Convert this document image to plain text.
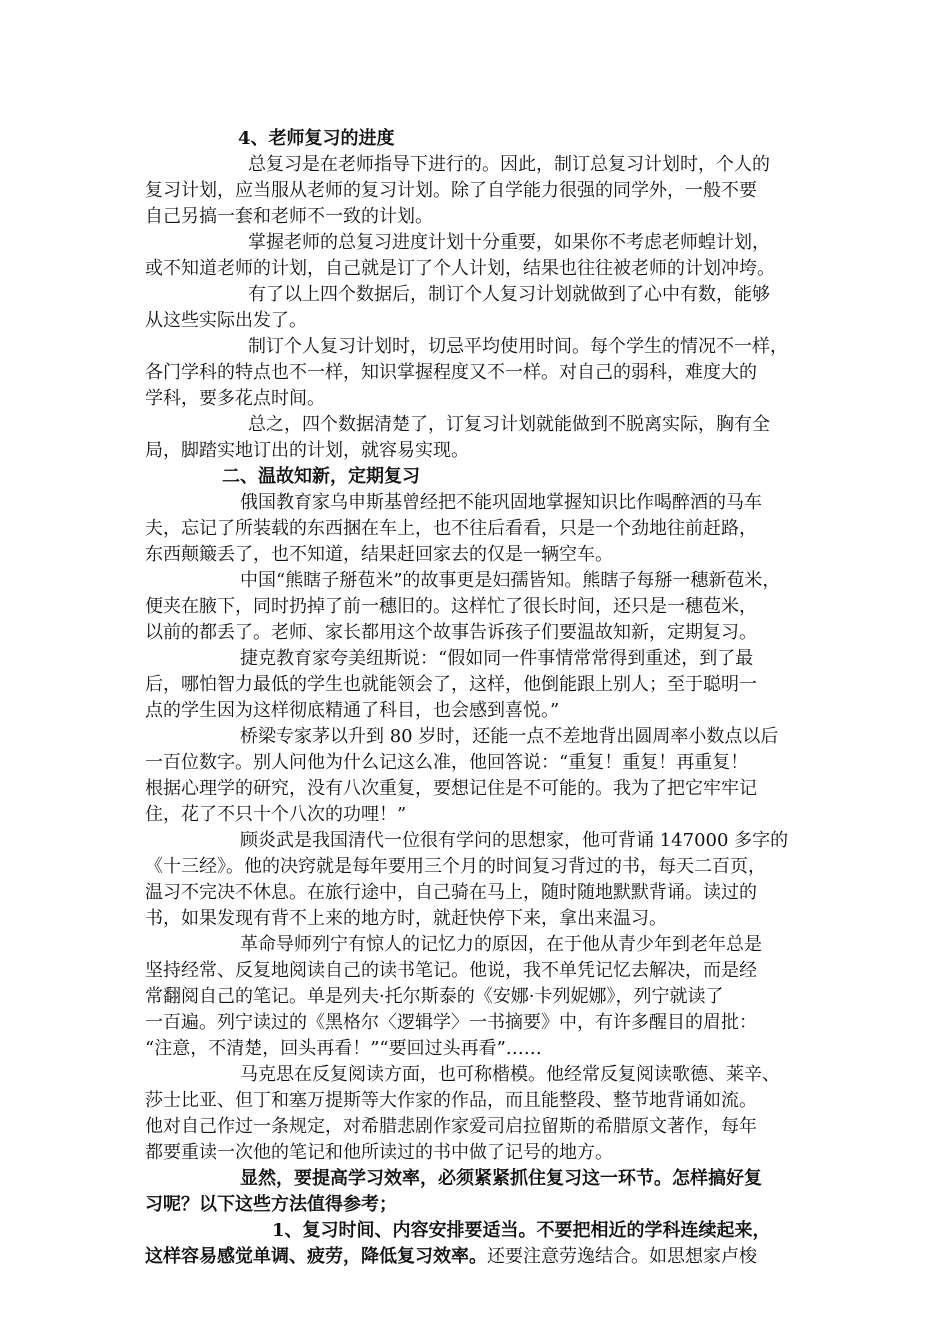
4、老师复习的进度
总复习是在老师指导下进行的。因此，制订总复习计划时，个人的
复习计划，应当服从老师的复习计划。除了自学能力很强的同学外，一般不要
自己另搞一套和老师不一致的计划。
掌握老师的总复习进度计划十分重要，如果你不考虑老师蝗计划，
或不知道老师的计划，自己就是订了个人计划，结果也往往被老师的计划冲垮。
有了以上四个数据后，制订个人复习计划就做到了心中有数，能够
从这些实际出发了。
制订个人复习计划时，切忌平均使用时间。每个学生的情况不一样，
各门学科的特点也不一样，知识掌握程度又不一样。对自己的弱科，难度大的
学科，要多花点时间。
总之，四个数据清楚了，订复习计划就能做到不脱离实际，胸有全
局，脚踏实地订出的计划，就容易实现。
二、温故知新，定期复习
俄国教育家乌申斯基曾经把不能巩固地掌握知识比作喝醉酒的马车
夫，忘记了所装载的东西捆在车上，也不往后看看，只是一个劲地往前赶路，
东西颠簸丢了，也不知道，结果赶回家去的仅是一辆空车。
中国“熊瞎子掰苞米”的故事更是妇孺皆知。熊瞎子每掰一穗新苞米，
便夹在腋下，同时扔掉了前一穗旧的。这样忙了很长时间，还只是一穗苞米，
以前的都丢了。老师、家长都用这个故事告诉孩子们要温故知新，定期复习。
捷克教育家夸美纽斯说：“假如同一件事情常常得到重述，到了最
后，哪怕智力最低的学生也就能领会了，这样，他倒能跟上别人；至于聪明一
点的学生因为这样彻底精通了科目，也会感到喜悦。”
桥梁专家茅以升到 80 岁时，还能一点不差地背出圆周率小数点以后
一百位数字。别人问他为什么记这么准，他回答说：“重复！重复！再重复！
根据心理学的研究，没有八次重复，要想记住是不可能的。我为了把它牢牢记
住，花了不只十个八次的功哩！”
顾炎武是我国清代一位很有学问的思想家，他可背诵 147000 多字的
《十三经》。他的决窍就是每年要用三个月的时间复习背过的书，每天二百页，
温习不完决不休息。在旅行途中，自己骑在马上，随时随地默默背诵。读过的
书，如果发现有背不上来的地方时，就赶快停下来，拿出来温习。
革命导师列宁有惊人的记忆力的原因，在于他从青少年到老年总是
坚持经常、反复地阅读自己的读书笔记。他说，我不单凭记忆去解决，而是经
常翻阅自己的笔记。单是列夫·托尔斯泰的《安娜·卡列妮娜》，列宁就读了
一百遍。列宁读过的《黑格尔〈逻辑学〉一书摘要》中，有许多醒目的眉批：
“注意，不清楚，回头再看！”“要回过头再看”……
马克思在反复阅读方面，也可称楷模。他经常反复阅读歌德、莱辛、
莎士比亚、但丁和塞万提斯等大作家的作品，而且能整段、整节地背诵如流。
他对自己作过一条规定，对希腊悲剧作家爱司启拉留斯的希腊原文著作，每年
都要重读一次他的笔记和他所读过的书中做了记号的地方。
显然，要提高学习效率，必须紧紧抓住复习这一环节。怎样搞好复
习呢？以下这些方法值得参考；
1、复习时间、内容安排要适当。不要把相近的学科连续起来，
这样容易感觉单调、疲劳，降低复习效率。还要注意劳逸结合。如思想家卢梭
